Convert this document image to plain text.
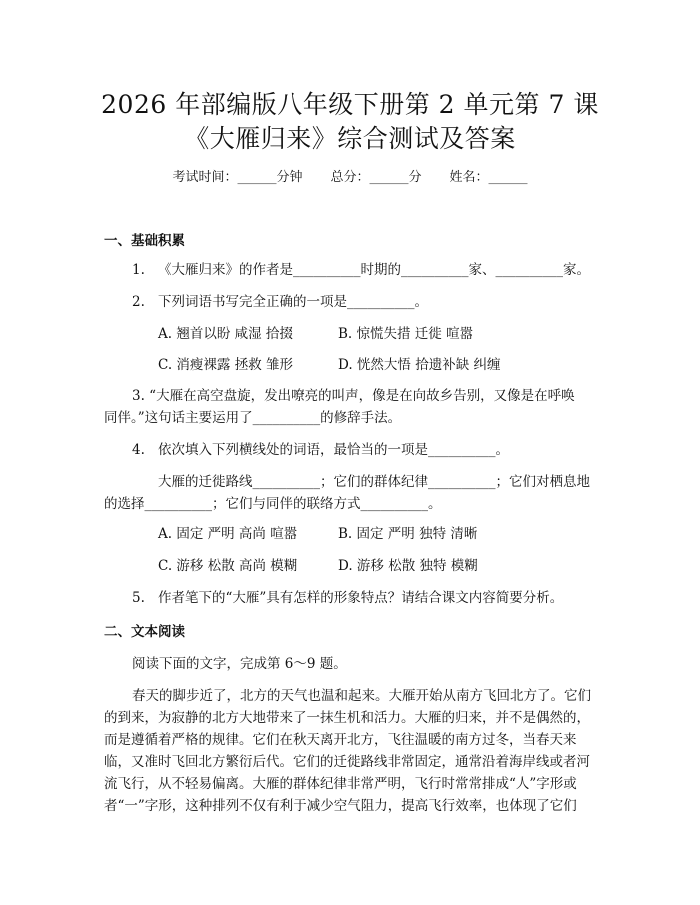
2026 年部编版八年级下册第 2 单元第 7 课
《大雁归来》综合测试及答案
考试时间：______分钟 总分：______分 姓名：______
一、基础积累
1. 《大雁归来》的作者是__________时期的__________家、__________家。
2. 下列词语书写完全正确的一项是__________。
A. 翘首以盼 咸湿 拾掇	B. 惊慌失措 迁徙 喧嚣
C. 消瘦裸露 拯救 雏形	D. 恍然大悟 拾遗补缺 纠缠
3. “大雁在高空盘旋，发出嘹亮的叫声，像是在向故乡告别，又像是在呼唤
同伴。”这句话主要运用了__________的修辞手法。
4. 依次填入下列横线处的词语，最恰当的一项是__________。
大雁的迁徙路线__________；它们的群体纪律__________；它们对栖息地
的选择__________；它们与同伴的联络方式__________。
A. 固定 严明 高尚 喧嚣	B. 固定 严明 独特 清晰
C. 游移 松散 高尚 模糊	D. 游移 松散 独特 模糊
5. 作者笔下的“大雁”具有怎样的形象特点？请结合课文内容简要分析。
二、文本阅读
阅读下面的文字，完成第 6～9 题。
春天的脚步近了，北方的天气也温和起来。大雁开始从南方飞回北方了。它们
的到来，为寂静的北方大地带来了一抹生机和活力。大雁的归来，并不是偶然的，
而是遵循着严格的规律。它们在秋天离开北方，飞往温暖的南方过冬，当春天来
临，又准时飞回北方繁衍后代。它们的迁徙路线非常固定，通常沿着海岸线或者河
流飞行，从不轻易偏离。大雁的群体纪律非常严明，飞行时常常排成“人”字形或
者“一”字形，这种排列不仅有利于减少空气阻力，提高飞行效率，也体现了它们
